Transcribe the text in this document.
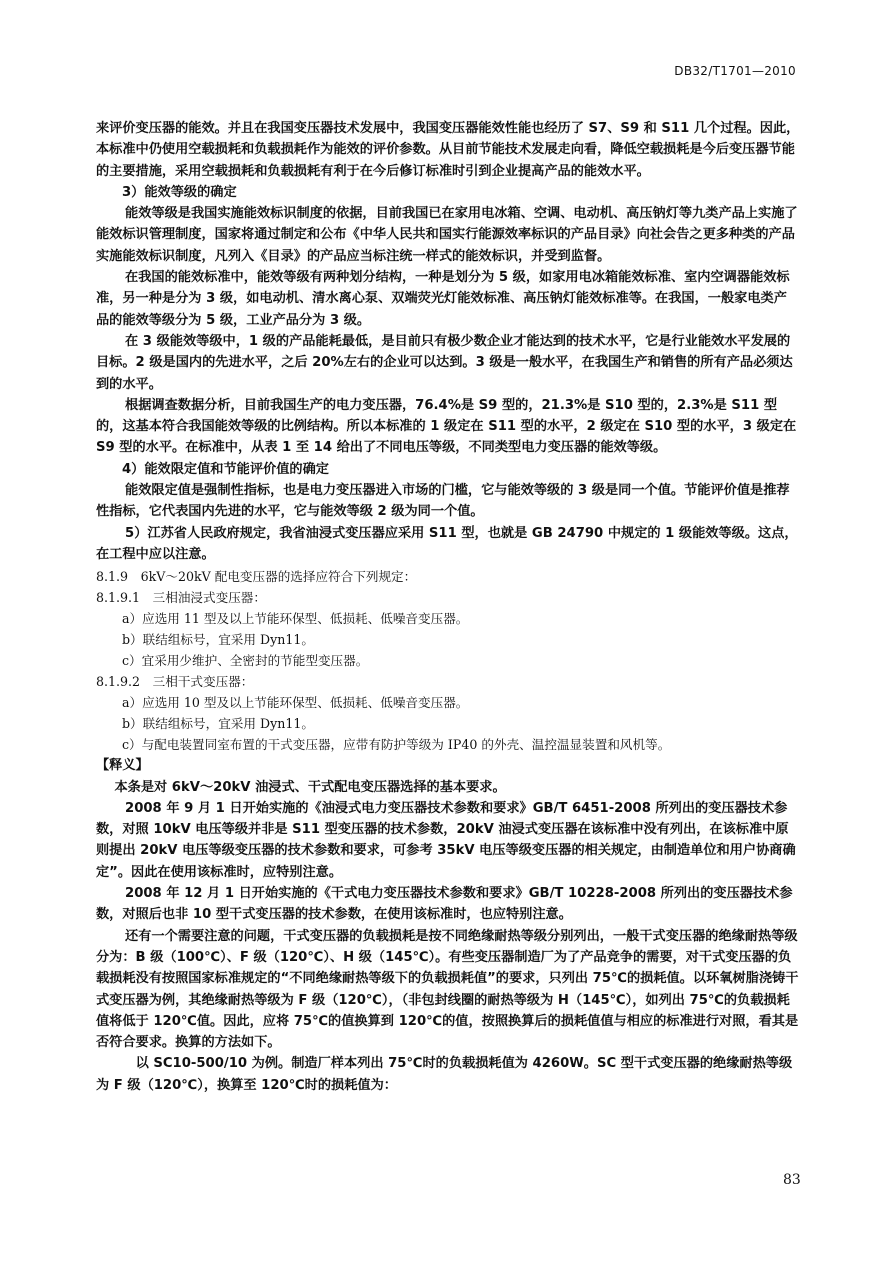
DB32/T1701—2010

来评价变压器的能效。并且在我国变压器技术发展中，我国变压器能效性能也经历了 S7、S9 和 S11 几个过程。因此，本标准中仍使用空载损耗和负载损耗作为能效的评价参数。从目前节能技术发展走向看，降低空载损耗是今后变压器节能的主要措施，采用空载损耗和负载损耗有利于在今后修订标准时引到企业提高产品的能效水平。

3）能效等级的确定

能效等级是我国实施能效标识制度的依据，目前我国已在家用电冰箱、空调、电动机、高压钠灯等九类产品上实施了能效标识管理制度，国家将通过制定和公布《中华人民共和国实行能源效率标识的产品目录》向社会告之更多种类的产品实施能效标识制度，凡列入《目录》的产品应当标注统一样式的能效标识，并受到监督。

在我国的能效标准中，能效等级有两种划分结构，一种是划分为 5 级，如家用电冰箱能效标准、室内空调器能效标准，另一种是分为 3 级，如电动机、清水离心泵、双端荧光灯能效标准、高压钠灯能效标准等。在我国，一般家电类产品的能效等级分为 5 级，工业产品分为 3 级。

在 3 级能效等级中，1 级的产品能耗最低，是目前只有极少数企业才能达到的技术水平，它是行业能效水平发展的目标。2 级是国内的先进水平，之后 20%左右的企业可以达到。3 级是一般水平，在我国生产和销售的所有产品必须达到的水平。

根据调查数据分析，目前我国生产的电力变压器，76.4%是 S9 型的，21.3%是 S10 型的，2.3%是 S11 型的，这基本符合我国能效等级的比例结构。所以本标准的 1 级定在 S11 型的水平，2 级定在 S10 型的水平，3 级定在 S9 型的水平。在标准中，从表 1 至 14 给出了不同电压等级，不同类型电力变压器的能效等级。

4）能效限定值和节能评价值的确定

能效限定值是强制性指标，也是电力变压器进入市场的门槛，它与能效等级的 3 级是同一个值。节能评价值是推荐性指标，它代表国内先进的水平，它与能效等级 2 级为同一个值。

5）江苏省人民政府规定，我省油浸式变压器应采用 S11 型，也就是 GB 24790 中规定的 1 级能效等级。这点，在工程中应以注意。

8.1.9　6kV～20kV 配电变压器的选择应符合下列规定：

8.1.9.1　三相油浸式变压器：

a）应选用 11 型及以上节能环保型、低损耗、低噪音变压器。

b）联结组标号，宜采用 Dyn11。

c）宜采用少维护、全密封的节能型变压器。

8.1.9.2　三相干式变压器：

a）应选用 10 型及以上节能环保型、低损耗、低噪音变压器。

b）联结组标号，宜采用 Dyn11。

c）与配电装置同室布置的干式变压器，应带有防护等级为 IP40 的外壳、温控温显装置和风机等。

【释义】

本条是对 6kV～20kV 油浸式、干式配电变压器选择的基本要求。

2008 年 9 月 1 日开始实施的《油浸式电力变压器技术参数和要求》GB/T 6451-2008 所列出的变压器技术参数，对照 10kV 电压等级并非是 S11 型变压器的技术参数，20kV 油浸式变压器在该标准中没有列出，在该标准中原则提出 20kV 电压等级变压器的技术参数和要求，可参考 35kV 电压等级变压器的相关规定，由制造单位和用户协商确定”。因此在使用该标准时，应特别注意。

2008 年 12 月 1 日开始实施的《干式电力变压器技术参数和要求》GB/T 10228-2008 所列出的变压器技术参数，对照后也非 10 型干式变压器的技术参数，在使用该标准时，也应特别注意。

还有一个需要注意的问题，干式变压器的负载损耗是按不同绝缘耐热等级分别列出，一般干式变压器的绝缘耐热等级分为：B 级（100℃）、F 级（120℃）、H 级（145℃）。有些变压器制造厂为了产品竞争的需要，对干式变压器的负载损耗没有按照国家标准规定的“不同绝缘耐热等级下的负载损耗值”的要求，只列出 75℃的损耗值。以环氧树脂浇铸干式变压器为例，其绝缘耐热等级为 F 级（120℃），（非包封线圈的耐热等级为 H（145℃），如列出 75℃的负载损耗值将低于 120℃值。因此，应将 75℃的值换算到 120℃的值，按照换算后的损耗值值与相应的标准进行对照，看其是否符合要求。换算的方法如下。

以 SC10-500/10 为例。制造厂样本列出 75℃时的负载损耗值为 4260W。SC 型干式变压器的绝缘耐热等级为 F 级（120℃），换算至 120℃时的损耗值为：

83
